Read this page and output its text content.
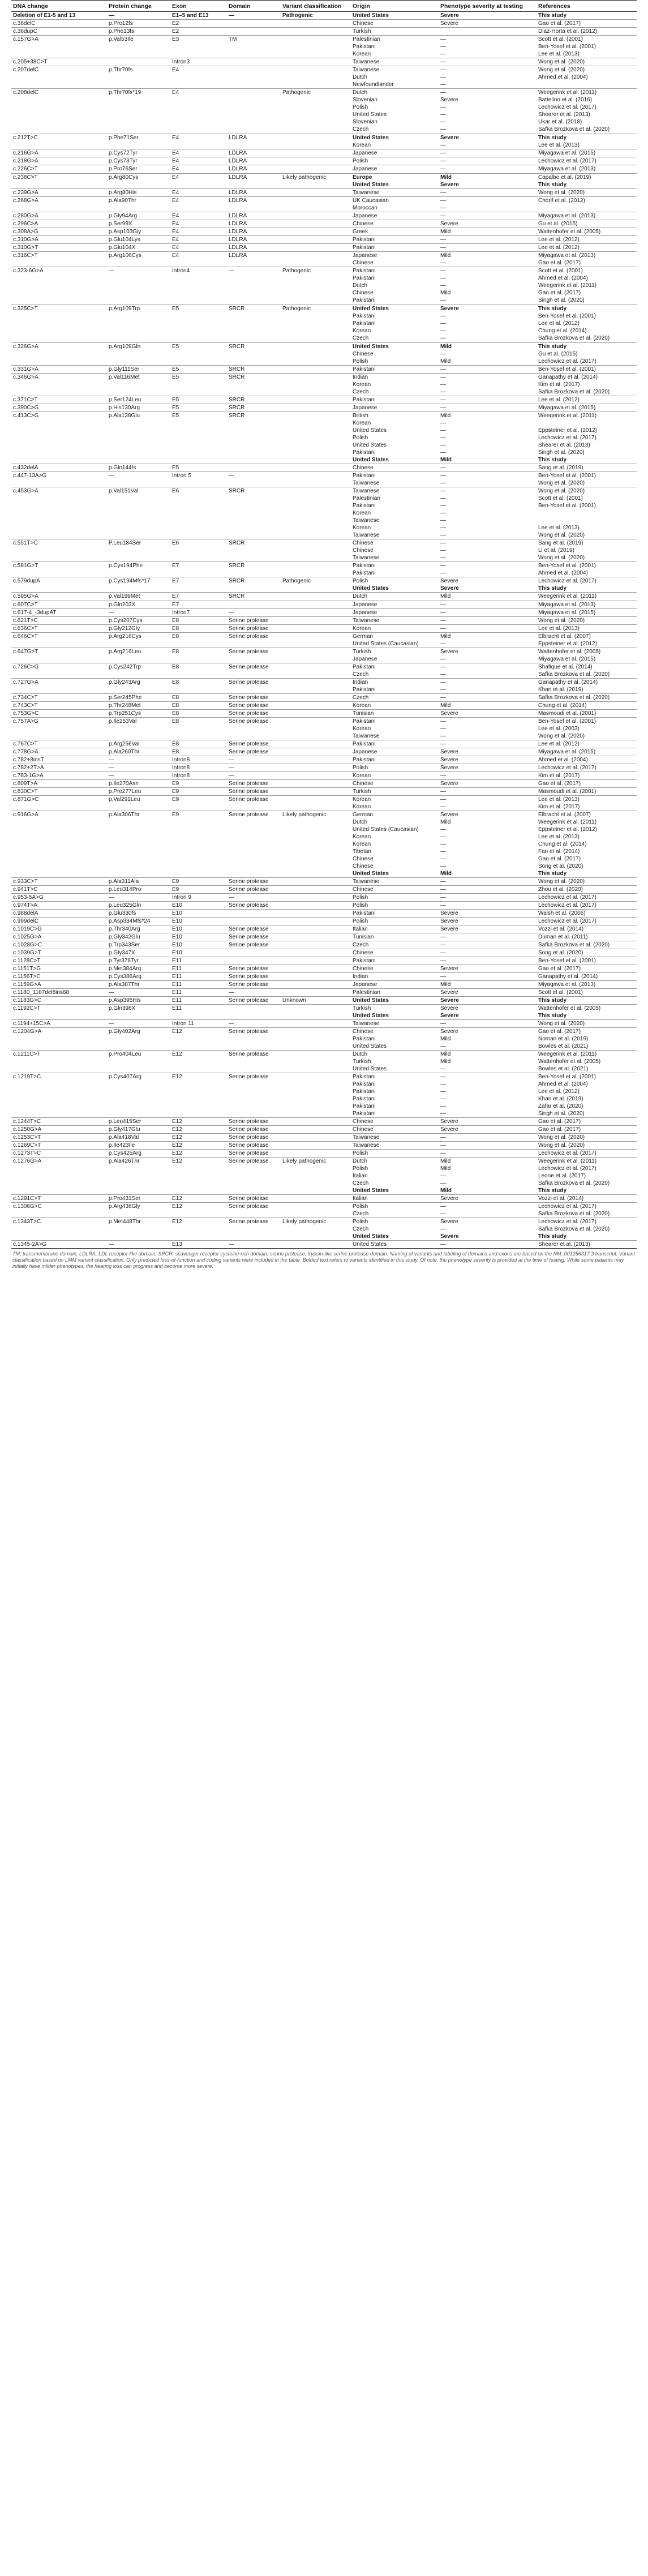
DNA change	Protein change	Exon	Domain	Variant classification	Origin	Phenotype severity at testing	References
Deletion of E1-5 and 13	—	E1–5 and E13	—	Pathogenic	United States	Severe	This study
c.36delC	p.Pro12fs	E2			Chinese	Severe	Gao et al. (2017)
c.36dupC	p.Phe13fs	E2			Turkish		Diaz-Horta et al. (2012)
c.157G>A	p.Val53Ile	E3	TM		Palestinian	—	Scott et al. (2001)
					Pakistani	—	Ben-Yosef et al. (2001)
					Korean	—	Lee et al. (2013)
c.205+38C>T		Intron3			Taiwanese	—	Wong et al. (2020)
c.207delC	p.Thr70fs	E4			Taiwanese	—	Wong et al. (2020)
					Dutch	—	Ahmed et al. (2004)
					Newfoundlander	—	
c.208delC	p.Thr70fs*19	E4		Pathogenic	Dutch	—	Weegerink et al. (2011)
					Slovenian	Severe	Battelino et al. (2016)
					Polish	—	Lechowicz et al. (2017)
					United States	—	Shearer et al. (2013)
					Slovenian	—	Ukar et al. (2018)
					Czech	—	Safka Brozkova et al. (2020)

c.212T>C	p.Phe71Ser	E4	LDLRA		United States	Severe	This study
					Korean	—	Lee et al. (2013)
c.216G>A	p.Cys72Tyr	E4	LDLRA		Japanese	—	Miyagawa et al. (2015)
c.218G>A	p.Cys73Tyr	E4	LDLRA		Polish	—	Lechowicz et al. (2017)
c.226C>T	p.Pro76Ser	E4	LDLRA		Japanese	—	Miyagawa et al. (2013)

c.238C>T	p.Arg80Cys	E4	LDLRA	Likely pathogenic	Europe	Mild	Capalbo et al. (2019)
					United States	Severe	This study
c.239G>A	p.Arg80His	E4	LDLRA		Taiwanese	—	Wong et al. (2020)
c.268G>A	p.Ala90Thr	E4	LDLRA		UK Caucasian	—	Chorlf et al. (2012)
					Moroccan	—	
c.280G>A	p.Gly94Arg	E4	LDLRA		Japanese	—	Miyagawa et al. (2013)
c.296C>A	p.Ser99X	E4	LDLRA		Chinese	Severe	Gu et al. (2015)
c.308A>G	p.Asp103Gly	E4	LDLRA		Greek	Mild	Wattenhofer et al. (2005)
c.310G>A	p.Glu104Lys	E4	LDLRA		Pakistani	—	Lee et al. (2012)
c.310G>T	p.Glu104X	E4	LDLRA		Pakistani	—	Lee et al. (2012)
c.316C>T	p.Arg106Cys	E4	LDLRA		Japanese	Mild	Miyagawa et al. (2013)
					Chinese	—	Gao et al. (2017)
c.323-6G>A	—	Intron4	—	Pathogenic	Pakistani	—	Scott et al. (2001)
					Pakistani	—	Ahmed et al. (2004)
					Dutch	—	Weegerink et al. (2011)
					Chinese	Mild	Gao et al. (2017)
					Pakistani	—	Singh et al. (2020)

c.325C>T	p.Arg109Trp	E5	SRCR	Pathogenic	United States	Severe	This study
					Pakistani	—	Ben-Yosef et al. (2001)
					Pakistani	—	Lee et al. (2012)
					Korean	—	Chung et al. (2014)
					Czech	—	Safka Brozkova et al. (2020)

c.326G>A	p.Arg109Gln	E5	SRCR		United States	Mild	This study
					Chinese	—	Gu et al. (2015)
					Polish	Mild	Lechowicz et al. (2017)
c.331G>A	p.Gly111Ser	E5	SRCR		Pakistani	—	Ben-Yosef et al. (2001)
c.346G>A	p.Val116Met	E5	SRCR		Indian	—	Ganapathy et al. (2014)
					Korean	—	Kim et al. (2017)
					Czech	—	Safka Brozkova et al. (2020)
c.371C>T	p.Ser124Leu	E5	SRCR		Pakistani	—	Lee et al. (2012)
c.390C>G	p.His130Arg	E5	SRCR		Japanese	—	Miyagawa et al. (2015)
c.413C>G	p.Ala138Glu	E5	SRCR		British	Mild	Weegerink et al. (2011)
					Korean	—	
					United States	—	Eppsteiner et al. (2012)
					Polish	—	Lechowicz et al. (2017)
					United States	—	Shearer et al. (2013)
					Pakistani	—	Singh et al. (2020)
					United States	Mild	This study
c.432delA	p.Gln144fs	E5			Chinese	—	Sang et al. (2019)
c.447-13A>G	—	Intron 5	—		Pakistani	—	Ben-Yosef et al. (2001)
					Taiwanese	—	Wong et al. (2020)
c.453G>A	p.Val151Val	E6	SRCR		Taiwanese	—	Wong et al. (2020)
					Palestinian	—	Scott et al. (2001)
					Pakistani	—	Ben-Yosef et al. (2001)
					Korean	—	
					Taiwanese	—	
					Korean	—	Lee et al. (2013)
					Taiwanese	—	Wong et al. (2020)
c.551T>C	P.Leu184Ser	E6	SRCR		Chinese	—	Sang et al. (2019)
					Chinese	—	Li et al. (2019)
					Taiwanese	—	Wong et al. (2020)
c.581G>T	p.Cys194Phe	E7	SRCR		Pakistani	—	Ben-Yosef et al. (2001)
					Pakistani	—	Ahmed et al. (2004)
c.579dupA	p.Cys194Mfs*17	E7	SRCR	Pathogenic	Polish	Severe	Lechowicz et al. (2017)
					United States	Severe	This study
c.595G>A	p.Val199Met	E7	SRCR		Dutch	Mild	Weegerink et al. (2011)

c.607C>T	p.Gln203X	E7			Japanese	—	Miyagawa et al. (2013)
c.617-4_-3dupAT	—	Intron7	—		Japanese	—	Miyagawa et al. (2015)
c.621T>C	p.Cys207Cys	E8	Serine protease		Taiwanese	—	Wong et al. (2020)
c.636C>T	p.Gly212Gly	E8	Serine protease		Korean	—	Lee et al. (2013)
c.646C>T	p.Arg216Cys	E8	Serine protease		German	Mild	Elbracht et al. (2007)
					United States (Caucasian)	—	Eppsteiner et al. (2012)
c.647G>T	p.Arg216Leu	E8	Serine protease		Turkish	Severe	Wattenhofer et al. (2005)
					Japanese	—	Miyagawa et al. (2015)
c.726C>G	p.Cys242Trp	E8	Serine protease		Pakistani	—	Shafique et al. (2014)
					Czech	—	Safka Brozkova et al. (2020)
c.727G>A	p.Gly243Arg	E8	Serine protease		Indian	—	Ganapathy et al. (2014)
					Pakistani	—	Khan et al. (2019)
c.734C>T	p.Ser245Phe	E8	Serine protease		Czech	—	Safka Brozkova et al. (2020)
c.743C>T	p.Thr248Met	E8	Serine protease		Korean	Mild	Chung et al. (2014)
c.753G>C	p.Trp251Cys	E8	Serine protease		Tunisian	Severe	Masmoudi et al. (2001)
c.757A>G	p.Ile253Val	E8	Serine protease		Pakistani	—	Ben-Yosef et al. (2001)
					Korean	—	Lee et al. (2003)
					Taiwanese	—	Wong et al. (2020)
c.767C>T	p.Arg256Val	E8	Serine protease		Pakistani	—	Lee et al. (2012)
c.778G>A	p.Ala260Thr	E8	Serine protease		Japanese	Severe	Miyagawa et al. (2015)
c.782+8insT	—	Intron8	—		Pakistani	Severe	Ahmed et al. (2004)
c.782+2T>A	—	Intron8	—		Polish	Severe	Lechowicz et al. (2017)
c.783-1G>A	—	Intron8	—		Korean	—	Kim et al. (2017)
c.809T>A	p.Ile270Asn	E9	Serine protease		Chinese	Severe	Gao et al. (2017)
c.830C>T	p.Pro277Leu	E9	Serine protease		Turkish	—	Masmoudi et al. (2001)
c.871G>C	p.Val291Leu	E9	Serine protease		Korean	—	Lee et al. (2013)
					Korean	—	Kim et al. (2017)
c.916G>A	p.Ala306Thr	E9	Serine protease	Likely pathogenic	German	Severe	Elbracht et al. (2007)
					Dutch	Mild	Weegerink et al. (2011)
					United States (Caucasian)	—	Eppsteiner et al. (2012)
					Korean	—	Lee et al. (2013)
					Korean	—	Chung et al. (2014)
					Tibetan	—	Fan et al. (2014)
					Chinese	—	Gao et al. (2017)
					Chinese	—	Song et al. (2020)
					United States	Mild	This study
c.933C>T	p.Ala311Ala	E9	Serine protease		Taiwanese	—	Wong et al. (2020)
c.941T>C	p.Leu314Pro	E9	Serine protease		Chinese	—	Zhou et al. (2020)
c.953-5A>G	—	Intron 9	—		Polish	—	Lechowicz et al. (2017)
c.974T>A	p.Leu325Gln	E10	Serine protease		Polish	—	Lechowicz et al. (2017)
c.988delA	p.Glu330fs	E10			Pakistani	Severe	Walsh et al. (2006)
c.999delC	p.Asp334Mfs*24	E10			Polish	Severe	Lechowicz et al. (2017)
c.1019C>G	p.Thr340Arg	E10	Serine protease		Italian	Severe	Vozzi et al. (2014)
c.1025G>A	p.Gly342Glu	E10	Serine protease		Tunisian	—	Duman et al. (2011)
c.1028G>C	p.Trp343Ser	E10	Serine protease		Czech	—	Safka Brozkova et al. (2020)
c.1039G>T	p.Gly347X	E10			Chinese	—	Song et al. (2020)
c.1128C>T	p.Tyr376Tyr	E11			Pakistani	—	Ben-Yosef et al. (2001)
c.1151T>G	p.Met384Arg	E11	Serine protease		Chinese	Severe	Gao et al. (2017)
c.1156T>C	p.Cys386Arg	E11	Serine protease		Indian	—	Ganapathy et al. (2014)
c.1159G>A	p.Ala387Thr	E11	Serine protease		Japanese	Mild	Miyagawa et al. (2013)
c.1180_1187del8ins68	—	E11	—		Palestinian	Severe	Scott et al. (2001)
c.1183G>C	p.Asp395His	E11	Serine protease	Unknown	United States	Severe	This study
c.1192C>T	p.Gln398X	E11			Turkish	Severe	Wattenhofer et al. (2005)
					United States	Severe	This study
c.1194+15C>A	—	Intron 11	—		Taiwanese	—	Wong et al. (2020)
c.1204G>A	p.Gly402Arg	E12	Serine protease		Chinese	Severe	Gao et al. (2017)
					Pakistani	Mild	Noman et al. (2019)
					United States	—	Bowles et al. (2021)
c.1211C>T	p.Pro404Leu	E12	Serine protease		Dutch	Mild	Weegerink et al. (2011)
					Turkish	Mild	Wattenhofer et al. (2005)
					United States	—	Bowles et al. (2021)
c.1219T>C	p.Cys407Arg	E12	Serine protease		Pakistani	—	Ben-Yosef et al. (2001)
					Pakistani	—	Ahmed et al. (2004)
					Pakistani	—	Lee et al. (2012)
					Pakistani	—	Khan et al. (2019)
					Pakistani	—	Zafar et al. (2020)
					Pakistani	—	Singh et al. (2020)
c.1244T>C	p.Leu415Ser	E12	Serine protease		Chinese	Severe	Gao et al. (2017)
c.1250G>A	p.Gly417Glu	E12	Serine protease		Chinese	Severe	Gao et al. (2017)
c.1253C>T	p.Ala418Val	E12	Serine protease		Taiwanese	—	Wong et al. (2020)
c.1269C>T	p.Ile423Ile	E12	Serine protease		Taiwanese	—	Wong et al. (2020)
c.1273T>C	p.Cys425Arg	E12	Serine protease		Polish	—	Lechowicz et al. (2017)
c.1276G>A	p.Ala426Thr	E12	Serine protease	Likely pathogenic	Dutch	Mild	Weegerink et al. (2011)
					Polish	Mild	Lechowicz et al. (2017)
					Italian	—	Leone et al. (2017)
					Czech	—	Safka Brozkova et al. (2020)
					United States	Mild	This study
c.1291C>T	p.Pro431Ser	E12	Serine protease		Italian	Severe	Vozzi et al. (2014)
c.1306G>C	p.Arg436Gly	E12	Serine protease		Polish	—	Lechowicz et al. (2017)
					Czech	—	Safka Brozkova et al. (2020)
c.1343T>C	p.Met448Thr	E12	Serine protease	Likely pathogenic	Polish	Severe	Lechowicz et al. (2017)
					Czech	—	Safka Brozkova et al. (2020)
					United States	Severe	This study
c.1345-2A>G	—	E13	—		United States	—	Shearer et al. (2013)
TM, transmembrane domain; LDLRA, LDL receptor-like domain; SRCR, scavenger receptor cysteine-rich domain; serine protease, trypsin-like serine protease domain. Naming of variants and labeling of domains and exons are based on the NM_001256317.3 transcript. Variant classification based on LMM variant classification. Only predicted loss-of-function and coding variants were included in the table. Bolded text refers to variants identified in this study. Of note, the phenotype severity is provided at the time of testing. While some patients may initially have milder phenotypes, the hearing loss can progress and become more severe.
